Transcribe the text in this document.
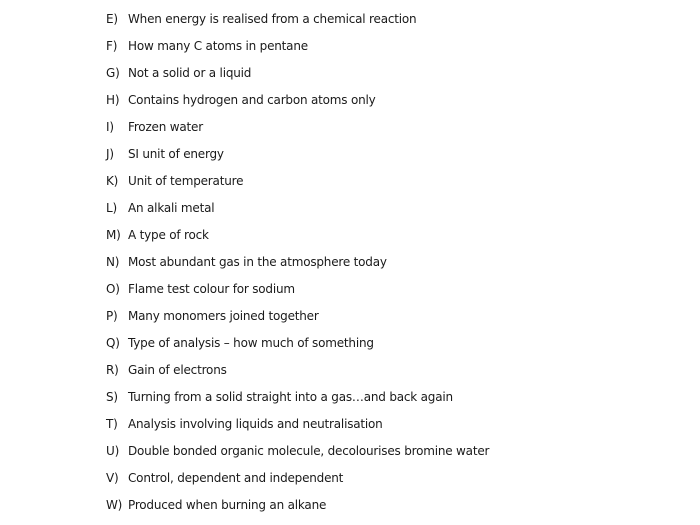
E) When energy is realised from a chemical reaction
F) How many C atoms in pentane
G) Not a solid or a liquid
H) Contains hydrogen and carbon atoms only
I)	Frozen water
J)	SI unit of energy
K) Unit of temperature
L) An alkali metal
M) A type of rock
N) Most abundant gas in the atmosphere today
O) Flame test colour for sodium
P) Many monomers joined together
Q) Type of analysis – how much of something
R) Gain of electrons
S) Turning from a solid straight into a gas…and back again
T) Analysis involving liquids and neutralisation
U) Double bonded organic molecule, decolourises bromine water
V) Control, dependent and independent
W) Produced when burning an alkane
